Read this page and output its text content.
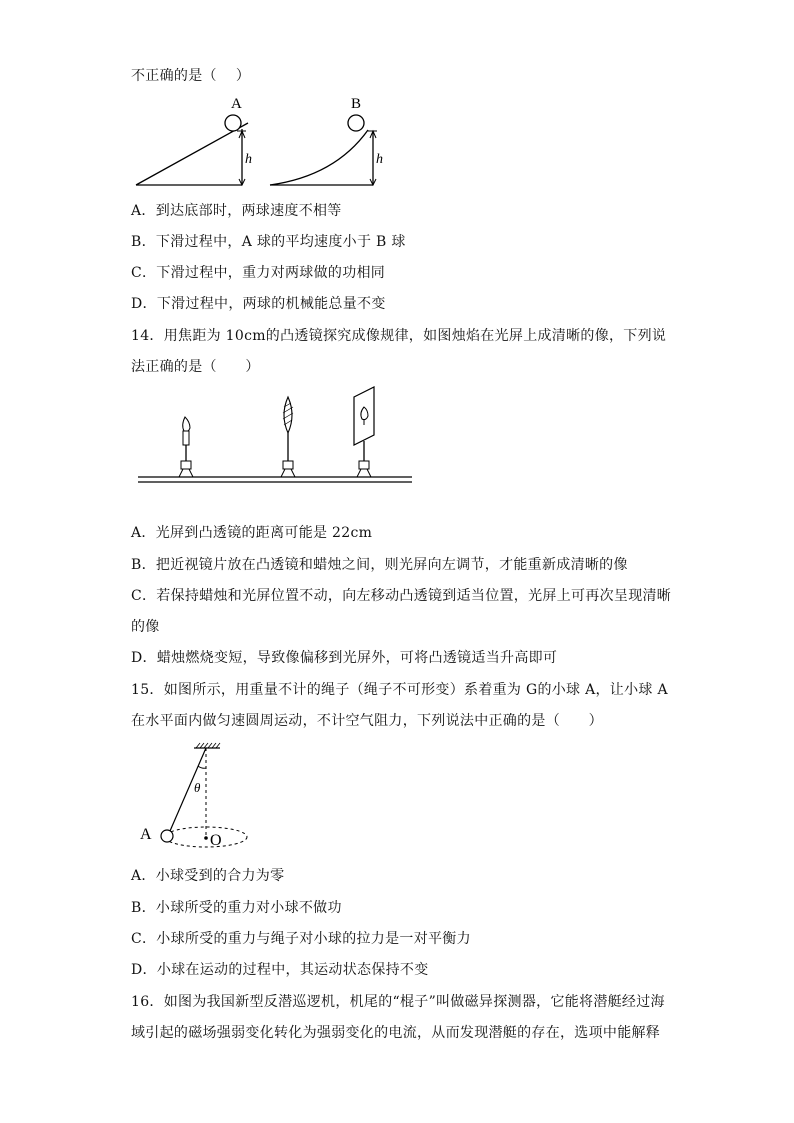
不正确的是（　 ）
A
h
B
h
A．到达底部时，两球速度不相等
B．下滑过程中，A 球的平均速度小于 B 球
C．下滑过程中，重力对两球做的功相同
D．下滑过程中，两球的机械能总量不变
14．用焦距为 10cm的凸透镜探究成像规律，如图烛焰在光屏上成清晰的像，下列说
法正确的是（　　）
A．光屏到凸透镜的距离可能是 22cm
B．把近视镜片放在凸透镜和蜡烛之间，则光屏向左调节，才能重新成清晰的像
C．若保持蜡烛和光屏位置不动，向左移动凸透镜到适当位置，光屏上可再次呈现清晰
的像
D．蜡烛燃烧变短，导致像偏移到光屏外，可将凸透镜适当升高即可
15．如图所示，用重量不计的绳子（绳子不可形变）系着重为 G的小球 A，让小球 A
在水平面内做匀速圆周运动，不计空气阻力，下列说法中正确的是（　　）
θ
A	O
A．小球受到的合力为零
B．小球所受的重力对小球不做功
C．小球所受的重力与绳子对小球的拉力是一对平衡力
D．小球在运动的过程中，其运动状态保持不变
16．如图为我国新型反潜巡逻机，机尾的“棍子”叫做磁异探测器，它能将潜艇经过海
域引起的磁场强弱变化转化为强弱变化的电流，从而发现潜艇的存在，选项中能解释
